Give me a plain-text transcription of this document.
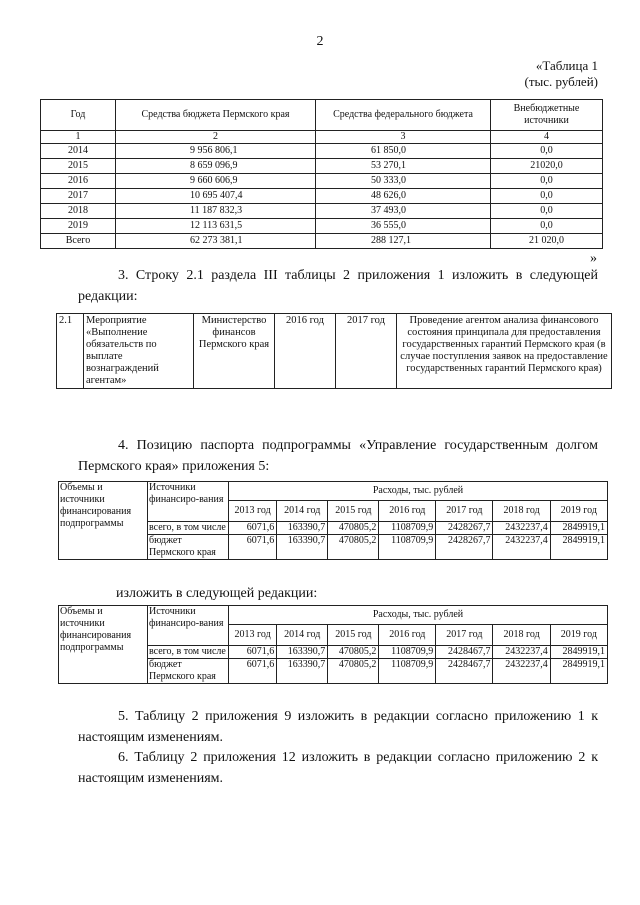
2
«Таблица 1
(тыс. рублей)
Год	Средства бюджета Пермского края	Средства федерального бюджета	Внебюджетные источники
1	2	3	4
2014	9 956 806,1	61 850,0	0,0
2015	8 659 096,9	53 270,1	21020,0
2016	9 660 606,9	50 333,0	0,0
2017	10 695 407,4	48 626,0	0,0
2018	11 187 832,3	37 493,0	0,0
2019	12 113 631,5	36 555,0	0,0
Всего	62 273 381,1	288 127,1	21 020,0
»
3. Строку 2.1 раздела III таблицы 2 приложения 1 изложить в следующей редакции:
2.1	Мероприятие «Выполнение обязательств по выплате вознаграждений агентам»	Министерство финансов Пермского края	2016 год	2017 год	Проведение агентом анализа финансового состояния принципала для предоставления государственных гарантий Пермского края (в случае поступления заявок на предоставление государственных гарантий Пермского края)
4. Позицию паспорта подпрограммы «Управление государственным долгом Пермского края» приложения 5:
Объемы и источники финансирования подпрограммы	Источники финансиро-вания	Расходы, тыс. рублей						
		2013 год	2014 год	2015 год	2016 год	2017 год	2018 год	2019 год
	всего, в том числе	6071,6	163390,7	470805,2	1108709,9	2428267,7	2432237,4	2849919,1
	бюджет Пермского края	6071,6	163390,7	470805,2	1108709,9	2428267,7	2432237,4	2849919,1
изложить в следующей редакции:
Объемы и источники финансирования подпрограммы	Источники финансиро-вания	Расходы, тыс. рублей						
		2013 год	2014 год	2015 год	2016 год	2017 год	2018 год	2019 год
	всего, в том числе	6071,6	163390,7	470805,2	1108709,9	2428467,7	2432237,4	2849919,1
	бюджет Пермского края	6071,6	163390,7	470805,2	1108709,9	2428467,7	2432237,4	2849919,1
5. Таблицу 2 приложения 9 изложить в редакции согласно приложению 1 к настоящим изменениям.
6. Таблицу 2 приложения 12 изложить в редакции согласно приложению 2 к настоящим изменениям.
